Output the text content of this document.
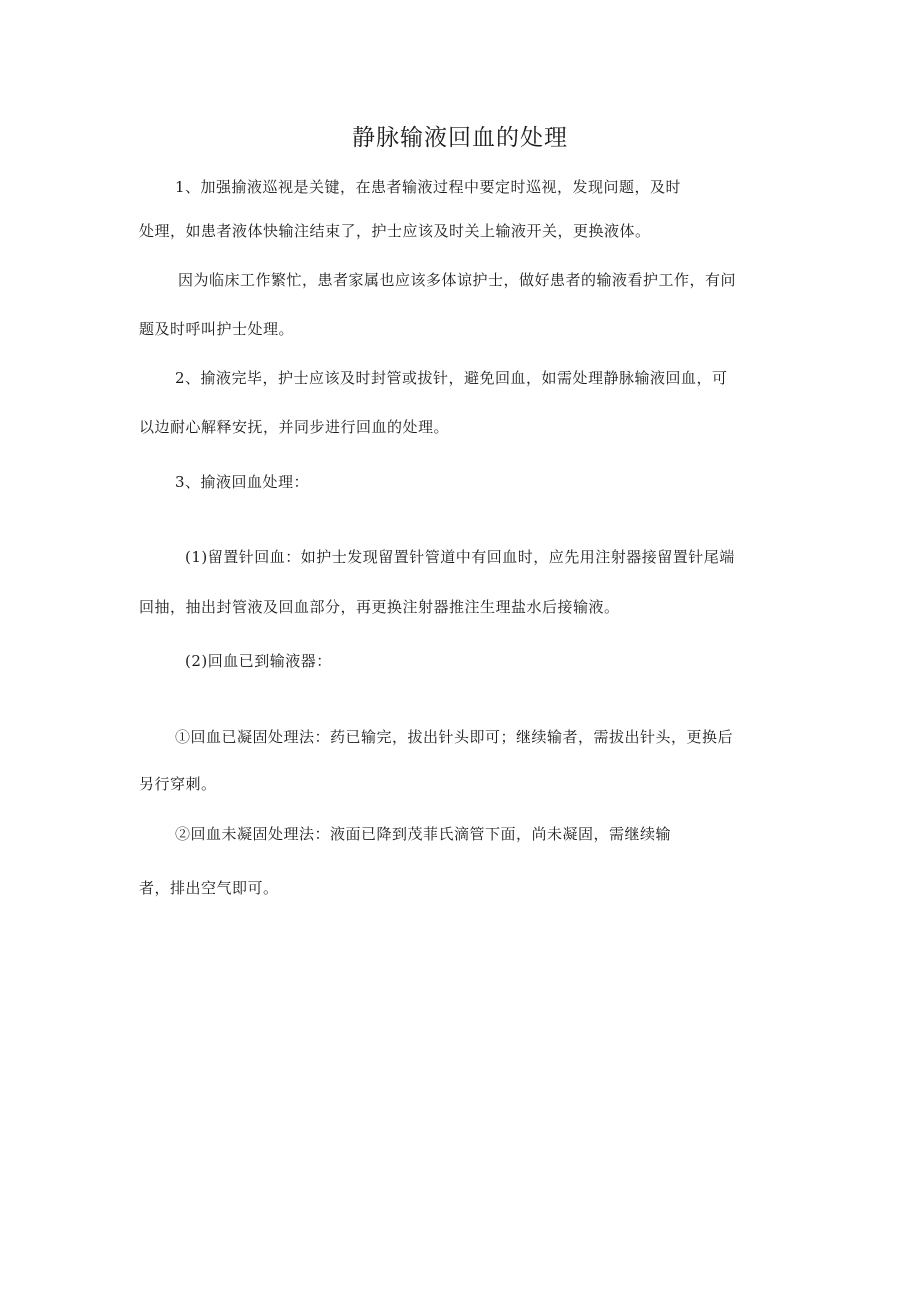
静脉输液回血的处理
1、加强揄液巡视是关键，在患者输液过程中要定时巡视，发现问题，及时
处理，如患者液体快输注结束了，护士应该及时关上输液开关，更换液体。
因为临床工作繁忙，患者家属也应该多体谅护士，做好患者的输液看护工作，有问
题及时呼叫护士处理。
2、揄液完毕，护士应该及时封管或拔针，避免回血，如需处理静脉输液回血，可
以边耐心解释安抚，并同步进行回血的处理。
3、揄液回血处理：
(1)留置针回血：如护士发现留置针管道中有回血时，应先用注射器接留置针尾端
回抽，抽出封管液及回血部分，再更换注射器推注生理盐水后接输液。
(2)回血已到输液器：
①回血已凝固处理法：药已输完，拔出针头即可；继续输者，需拔出针头，更换后
另行穿刺。
②回血未凝固处理法：液面已降到茂菲氏滴管下面，尚未凝固，需继续输
者，排出空气即可。
